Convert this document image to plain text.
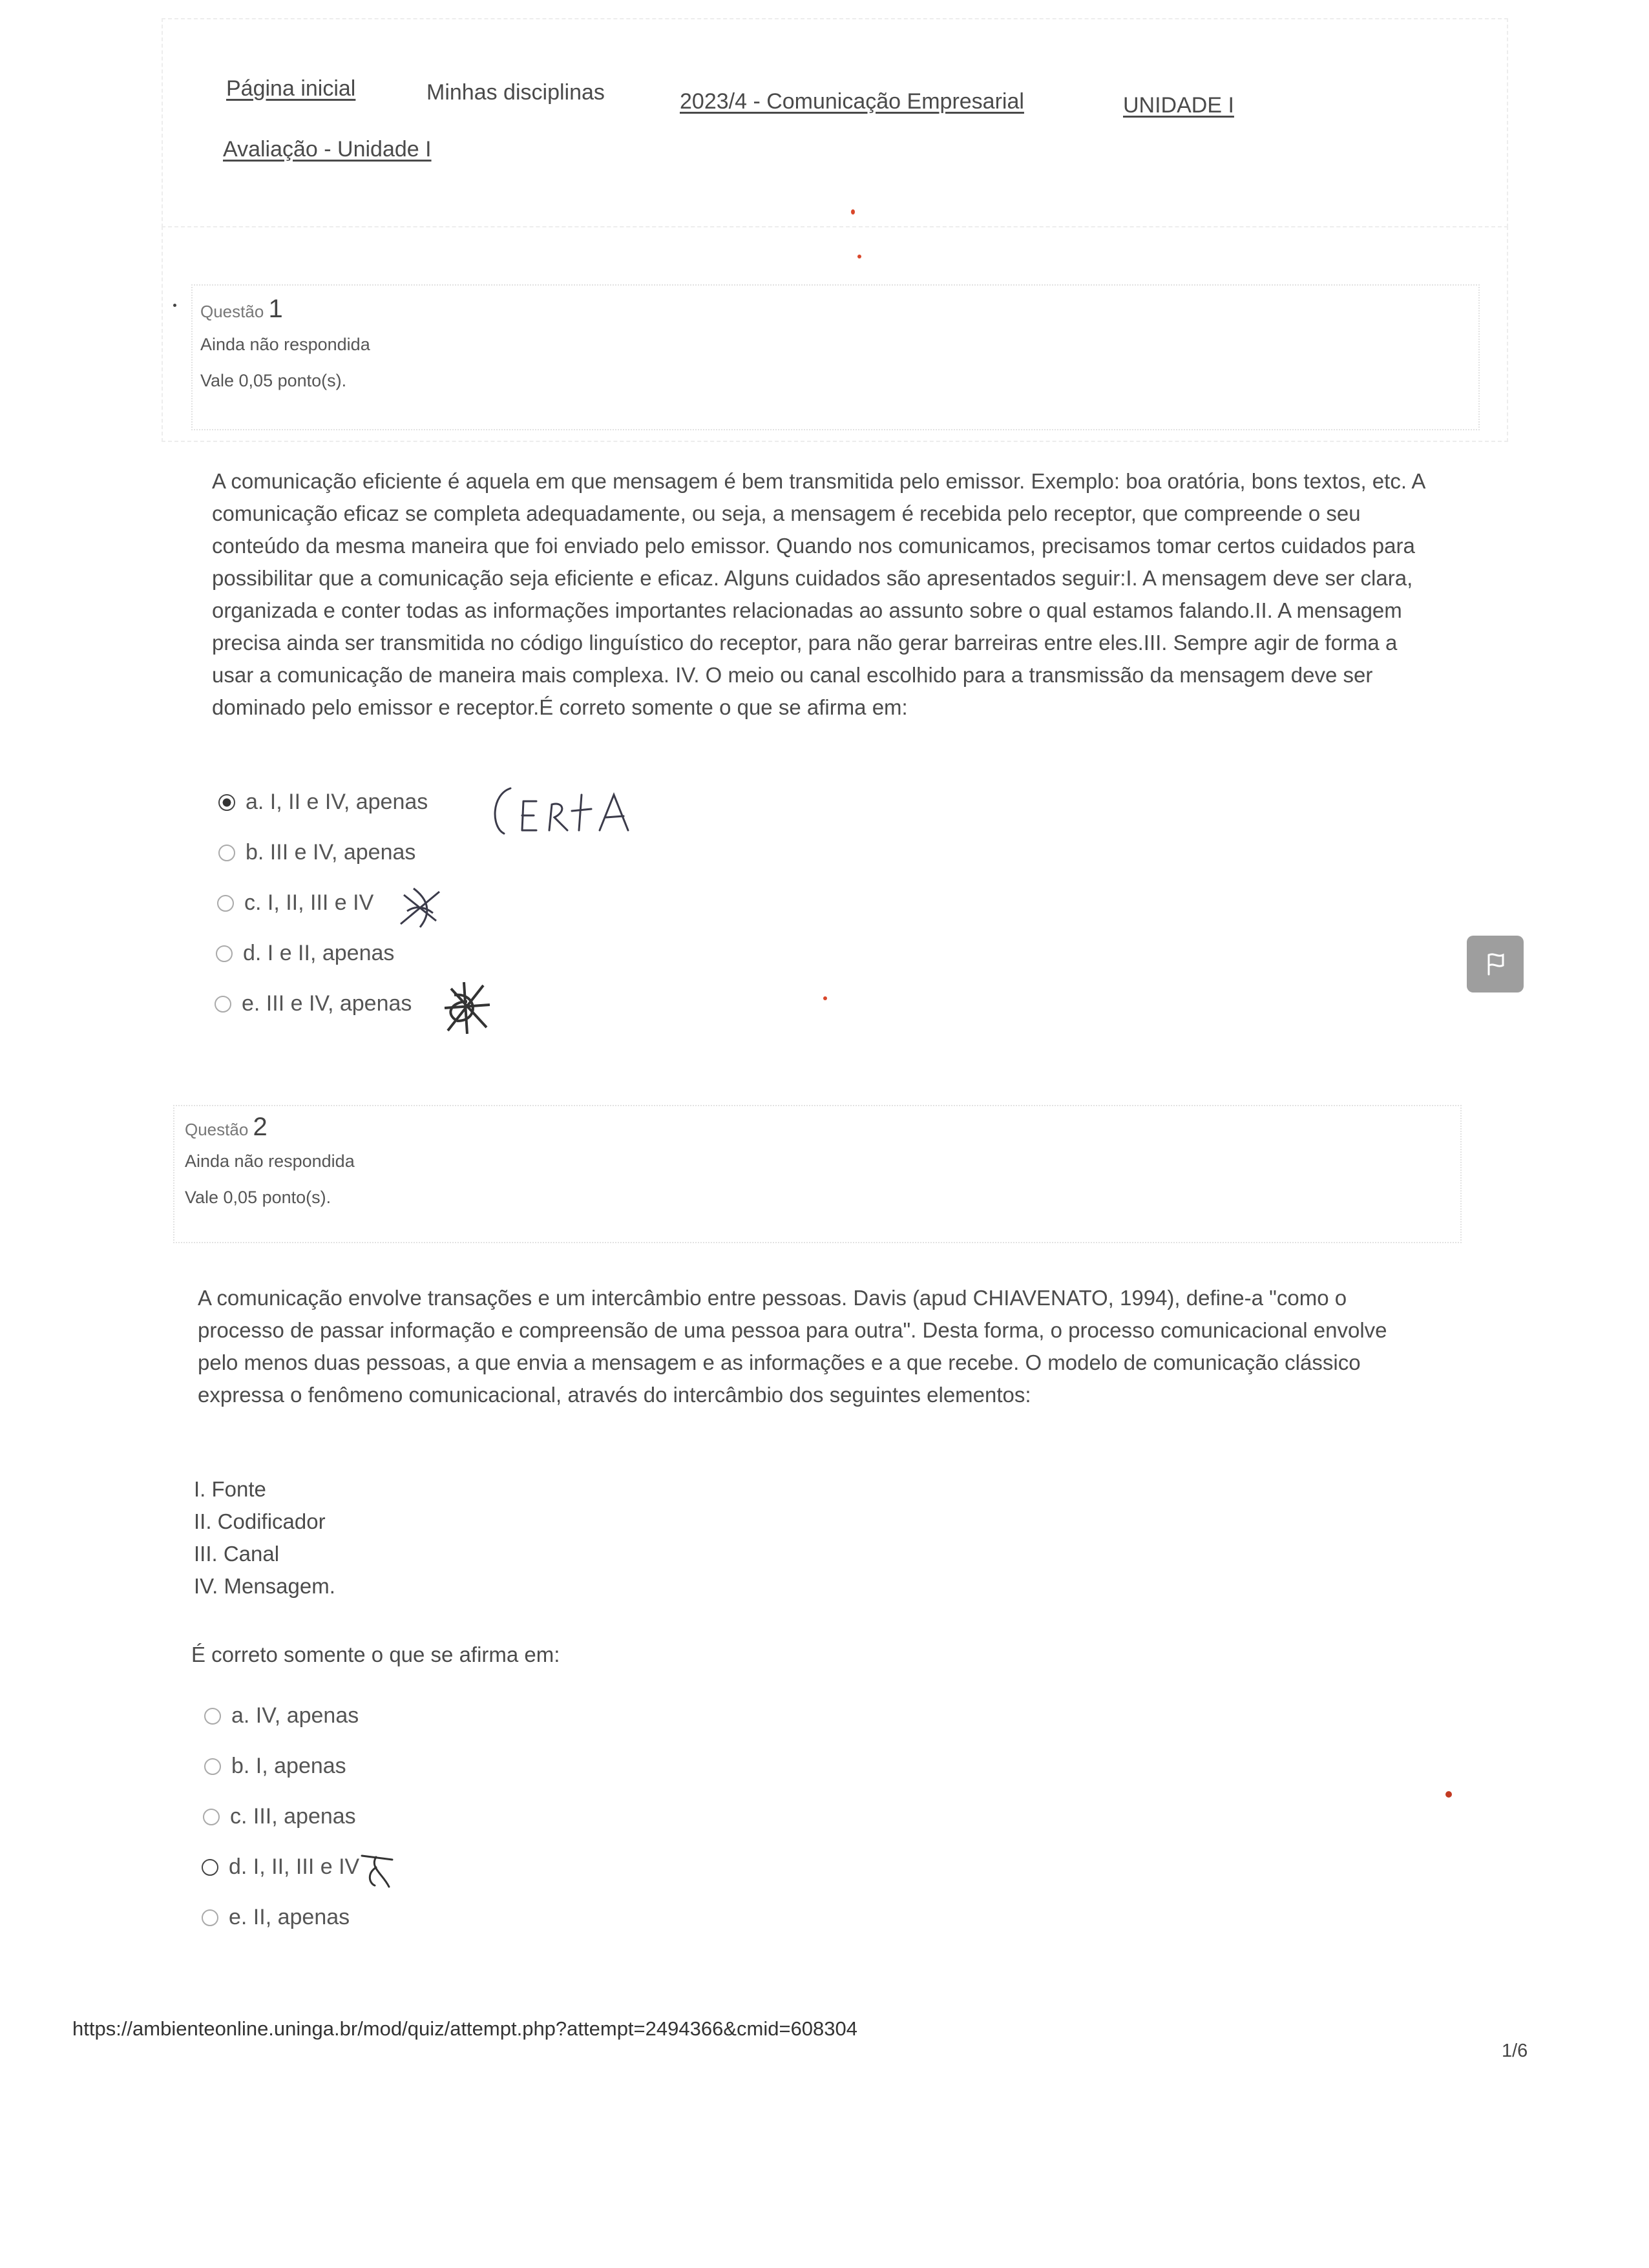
Página inicial	Minhas disciplinas	2023/4 - Comunicação Empresarial	UNIDADE I
Avaliação - Unidade I
Questão 1
Ainda não respondida
Vale 0,05 ponto(s).
A comunicação eficiente é aquela em que mensagem é bem transmitida pelo emissor. Exemplo: boa oratória, bons textos, etc. A comunicação eficaz se completa adequadamente, ou seja, a mensagem é recebida pelo receptor, que compreende o seu conteúdo da mesma maneira que foi enviado pelo emissor. Quando nos comunicamos, precisamos tomar certos cuidados para possibilitar que a comunicação seja eficiente e eficaz. Alguns cuidados são apresentados seguir:I. A mensagem deve ser clara, organizada e conter todas as informações importantes relacionadas ao assunto sobre o qual estamos falando.II. A mensagem precisa ainda ser transmitida no código linguístico do receptor, para não gerar barreiras entre eles.III. Sempre agir de forma a usar a comunicação de maneira mais complexa. IV. O meio ou canal escolhido para a transmissão da mensagem deve ser dominado pelo emissor e receptor.É correto somente o que se afirma em:
a. I, II e IV, apenas
b. III e IV, apenas
c. I, II, III e IV
d. I e II, apenas
e. III e IV, apenas
Questão 2
Ainda não respondida
Vale 0,05 ponto(s).
A comunicação envolve transações e um intercâmbio entre pessoas. Davis (apud CHIAVENATO, 1994), define-a "como o processo de passar informação e compreensão de uma pessoa para outra". Desta forma, o processo comunicacional envolve pelo menos duas pessoas, a que envia a mensagem e as informações e a que recebe. O modelo de comunicação clássico expressa o fenômeno comunicacional, através do intercâmbio dos seguintes elementos:
I. Fonte
II. Codificador
III. Canal
IV. Mensagem.
É correto somente o que se afirma em:
a. IV, apenas
b. I, apenas
c. III, apenas
d. I, II, III e IV
e. II, apenas
https://ambienteonline.uninga.br/mod/quiz/attempt.php?attempt=2494366&cmid=608304
1/6
